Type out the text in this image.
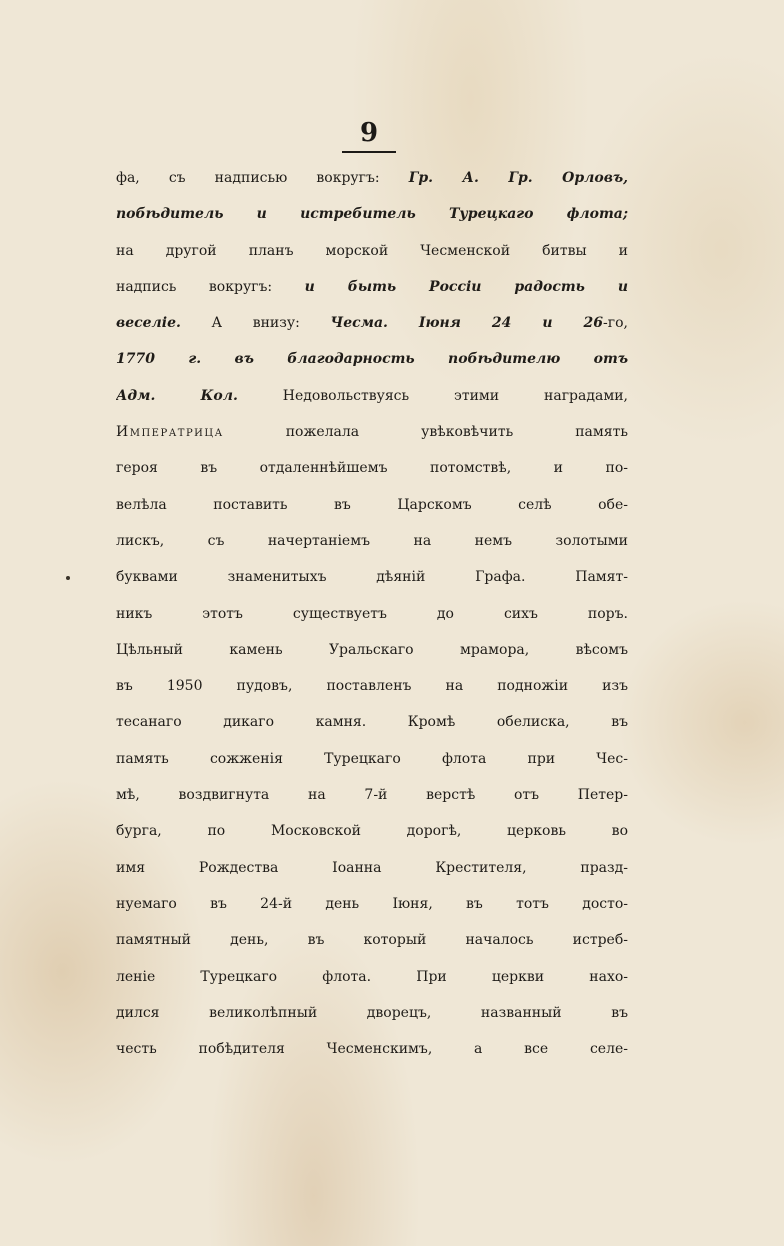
9
фа, съ надписью вокругъ: Гр. А. Гр. Орловъ,
побѣдитель и истребитель Турецкаго флота;
на другой планъ морской Чесменской битвы и
надпись вокругъ: и быть Россіи радость и
веселіе. А внизу: Чесма. Іюня 24 и 26-го,
1770 г. въ благодарность побѣдителю отъ
Адм. Кол. Недовольствуясь этими наградами,
Императрица пожелала увѣковѣчить память
героя въ отдаленнѣйшемъ потомствѣ, и по-
велѣла поставить въ Царскомъ селѣ обе-
лискъ, съ начертаніемъ на немъ золотыми
буквами знаменитыхъ дѣяній Графа. Памят-
никъ этотъ существуетъ до сихъ поръ.
Цѣльный камень Уральскаго мрамора, вѣсомъ
въ 1950 пудовъ, поставленъ на подножіи изъ
тесанаго дикаго камня. Кромѣ обелиска, въ
память сожженія Турецкаго флота при Чес-
мѣ, воздвигнута на 7-й верстѣ отъ Петер-
бурга, по Московской дорогѣ, церковь во
имя Рождества Іоанна Крестителя, празд-
нуемаго въ 24-й день Іюня, въ тотъ досто-
памятный день, въ который началось истреб-
леніе Турецкаго флота. При церкви нахо-
дился великолѣпный дворецъ, названный въ
честь побѣдителя Чесменскимъ, а все селе-
